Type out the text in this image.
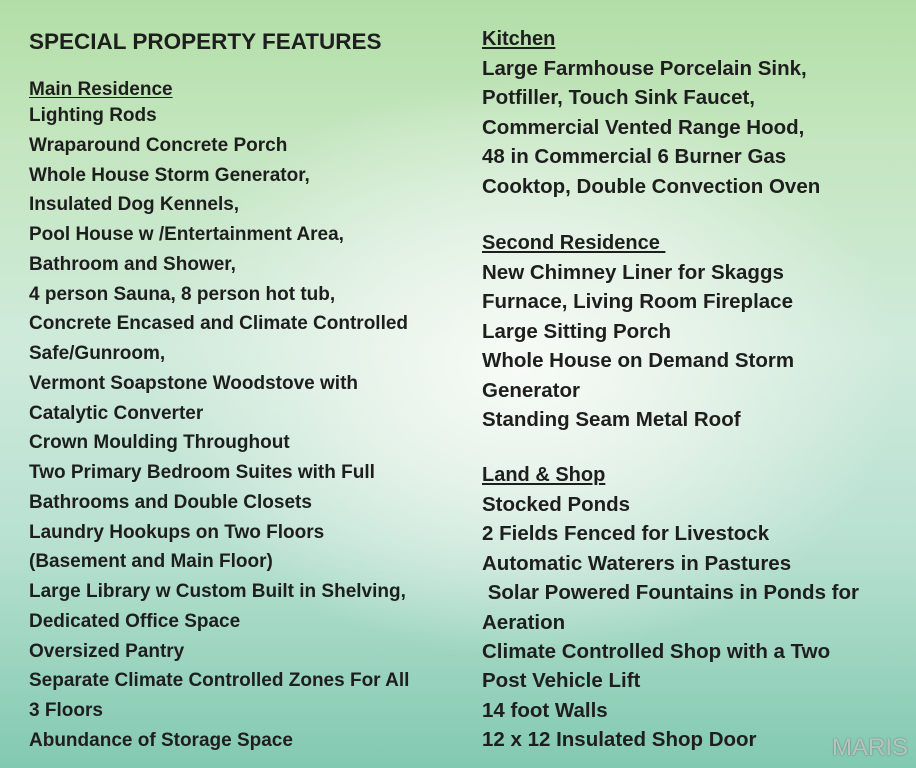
SPECIAL PROPERTY FEATURES
Main Residence
Lighting Rods
Wraparound Concrete Porch
Whole House Storm Generator,
Insulated Dog Kennels,
Pool House w /Entertainment Area,
Bathroom and Shower,
4 person Sauna, 8 person hot tub,
Concrete Encased and Climate Controlled
Safe/Gunroom,
Vermont Soapstone Woodstove with
Catalytic Converter
Crown Moulding Throughout
Two Primary Bedroom Suites with Full
Bathrooms and Double Closets
Laundry Hookups on Two Floors
(Basement and Main Floor)
Large Library w Custom Built in Shelving,
Dedicated Office Space
Oversized Pantry
Separate Climate Controlled Zones For All
3 Floors
Abundance of Storage Space
Kitchen
Large Farmhouse Porcelain Sink,
Potfiller, Touch Sink Faucet,
Commercial Vented Range Hood,
48 in Commercial 6 Burner Gas
Cooktop, Double Convection Oven
Second Residence
New Chimney Liner for Skaggs
Furnace, Living Room Fireplace
Large Sitting Porch
Whole House on Demand Storm
Generator
Standing Seam Metal Roof
Land & Shop
Stocked Ponds
2 Fields Fenced for Livestock
Automatic Waterers in Pastures
Solar Powered Fountains in Ponds for
Aeration
Climate Controlled Shop with a Two
Post Vehicle Lift
14 foot Walls
12 x 12 Insulated Shop Door	MARIS
